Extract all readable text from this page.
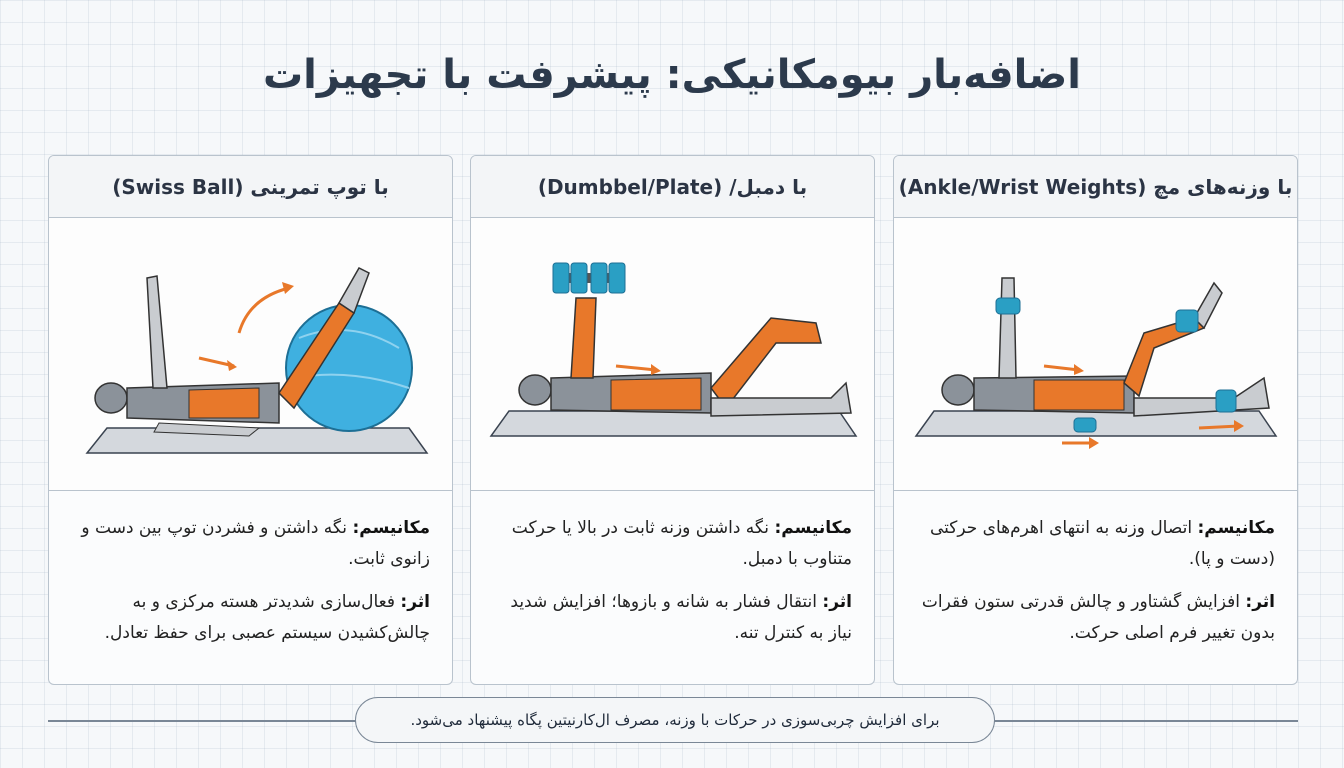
اضافه‌بار بیومکانیکی: پیشرفت با تجهیزات
با توپ تمرینی (Swiss Ball)

مکانیسم: نگه داشتن و فشردن توپ بین دست و زانوی ثابت.

اثر: فعال‌سازی شدیدتر هسته مرکزی و به چالش‌کشیدن سیستم عصبی برای حفظ تعادل.

با دمبل/ (Dumbbel/Plate)

مکانیسم: نگه داشتن وزنه ثابت در بالا یا حرکت متناوب با دمبل.

اثر: انتقال فشار به شانه و بازوها؛ افزایش شدید نیاز به کنترل تنه.

با وزنه‌های مچ (Ankle/Wrist Weights)

مکانیسم: اتصال وزنه به انتهای اهرم‌های حرکتی (دست و پا).

اثر: افزایش گشتاور و چالش قدرتی ستون فقرات بدون تغییر فرم اصلی حرکت.

برای افزایش چربی‌سوزی در حرکات با وزنه، مصرف ال‌کارنیتین پگاه پیشنهاد می‌شود.
